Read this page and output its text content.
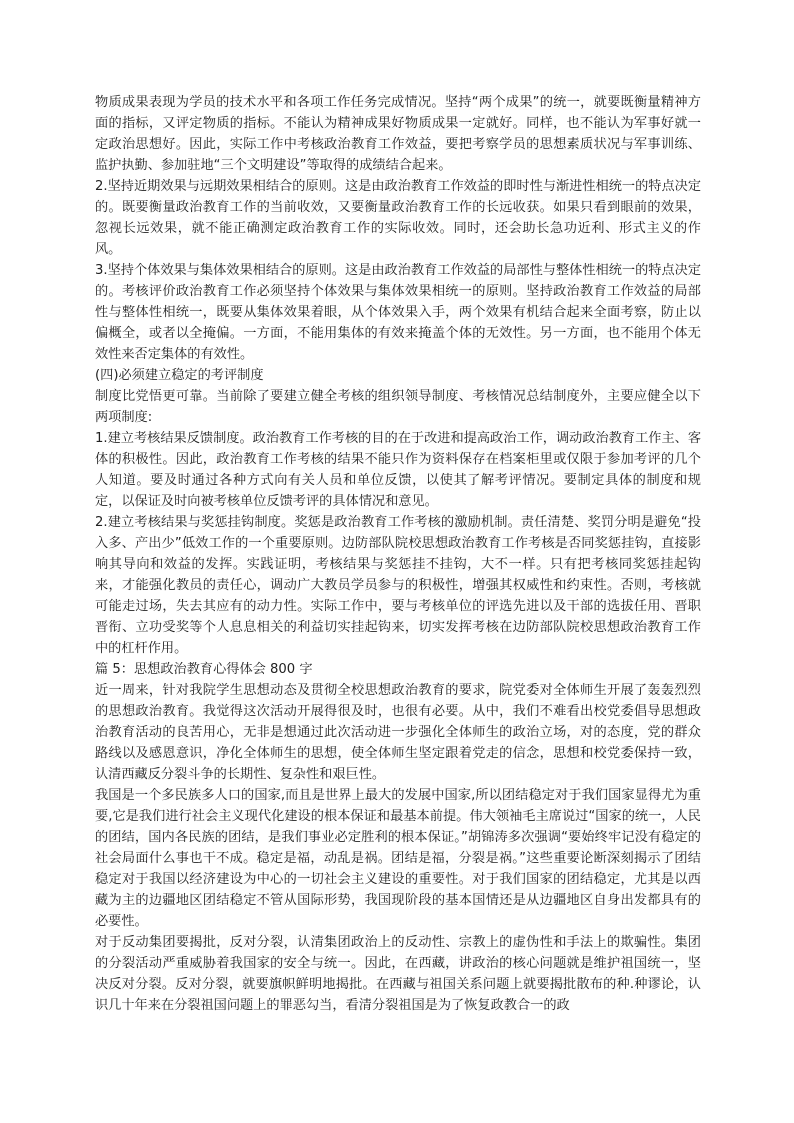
物质成果表现为学员的技术水平和各项工作任务完成情况。坚持“两个成果”的统一，就要既衡量精神方面的指标，又评定物质的指标。不能认为精神成果好物质成果一定就好。同样，也不能认为军事好就一定政治思想好。因此，实际工作中考核政治教育工作效益，要把考察学员的思想素质状况与军事训练、监护执勤、参加驻地“三个文明建设”等取得的成绩结合起来。

2.坚持近期效果与远期效果相结合的原则。这是由政治教育工作效益的即时性与渐进性相统一的特点决定的。既要衡量政治教育工作的当前收效，又要衡量政治教育工作的长远收获。如果只看到眼前的效果，忽视长远效果，就不能正确测定政治教育工作的实际收效。同时，还会助长急功近利、形式主义的作风。

3.坚持个体效果与集体效果相结合的原则。这是由政治教育工作效益的局部性与整体性相统一的特点决定的。考核评价政治教育工作必须坚持个体效果与集体效果相统一的原则。坚持政治教育工作效益的局部性与整体性相统一，既要从集体效果着眼，从个体效果入手，两个效果有机结合起来全面考察，防止以偏概全，或者以全掩偏。一方面，不能用集体的有效来掩盖个体的无效性。另一方面，也不能用个体无效性来否定集体的有效性。

(四)必须建立稳定的考评制度

制度比党悟更可靠。当前除了要建立健全考核的组织领导制度、考核情况总结制度外，主要应健全以下两项制度:

1.建立考核结果反馈制度。政治教育工作考核的目的在于改进和提高政治工作，调动政治教育工作主、客体的积极性。因此，政治教育工作考核的结果不能只作为资料保存在档案柜里或仅限于参加考评的几个人知道。要及时通过各种方式向有关人员和单位反馈，以使其了解考评情况。要制定具体的制度和规定，以保证及时向被考核单位反馈考评的具体情况和意见。

2.建立考核结果与奖惩挂钩制度。奖惩是政治教育工作考核的激励机制。责任清楚、奖罚分明是避免“投入多、产出少”低效工作的一个重要原则。边防部队院校思想政治教育工作考核是否同奖惩挂钩，直接影响其导向和效益的发挥。实践证明，考核结果与奖惩挂不挂钩，大不一样。只有把考核同奖惩挂起钩来，才能强化教员的责任心，调动广大教员学员参与的积极性，增强其权威性和约束性。否则，考核就可能走过场，失去其应有的动力性。实际工作中，要与考核单位的评选先进以及干部的选拔任用、晋职晋衔、立功受奖等个人息息相关的利益切实挂起钩来，切实发挥考核在边防部队院校思想政治教育工作中的杠杆作用。

篇 5：思想政治教育心得体会 800 字

近一周来，针对我院学生思想动态及贯彻全校思想政治教育的要求，院党委对全体师生开展了轰轰烈烈的思想政治教育。我觉得这次活动开展得很及时，也很有必要。从中，我们不难看出校党委倡导思想政治教育活动的良苦用心，无非是想通过此次活动进一步强化全体师生的政治立场，对的态度，党的群众路线以及感恩意识，净化全体师生的思想，使全体师生坚定跟着党走的信念，思想和校党委保持一致，认清西藏反分裂斗争的长期性、复杂性和艰巨性。

我国是一个多民族多人口的国家,而且是世界上最大的发展中国家,所以团结稳定对于我们国家显得尤为重要,它是我们进行社会主义现代化建设的根本保证和最基本前提。伟大领袖毛主席说过“国家的统一，人民的团结，国内各民族的团结，是我们事业必定胜利的根本保证。”胡锦涛多次强调“要始终牢记没有稳定的社会局面什么事也干不成。稳定是福，动乱是祸。团结是福，分裂是祸。”这些重要论断深刻揭示了团结稳定对于我国以经济建设为中心的一切社会主义建设的重要性。对于我们国家的团结稳定，尤其是以西藏为主的边疆地区团结稳定不管从国际形势，我国现阶段的基本国情还是从边疆地区自身出发都具有的必要性。

对于反动集团要揭批，反对分裂，认清集团政治上的反动性、宗教上的虚伪性和手法上的欺骗性。集团的分裂活动严重威胁着我国家的安全与统一。因此，在西藏，讲政治的核心问题就是维护祖国统一，坚决反对分裂。反对分裂，就要旗帜鲜明地揭批。在西藏与祖国关系问题上就要揭批散布的种.种谬论，认识几十年来在分裂祖国问题上的罪恶勾当，看清分裂祖国是为了恢复政教合一的政
